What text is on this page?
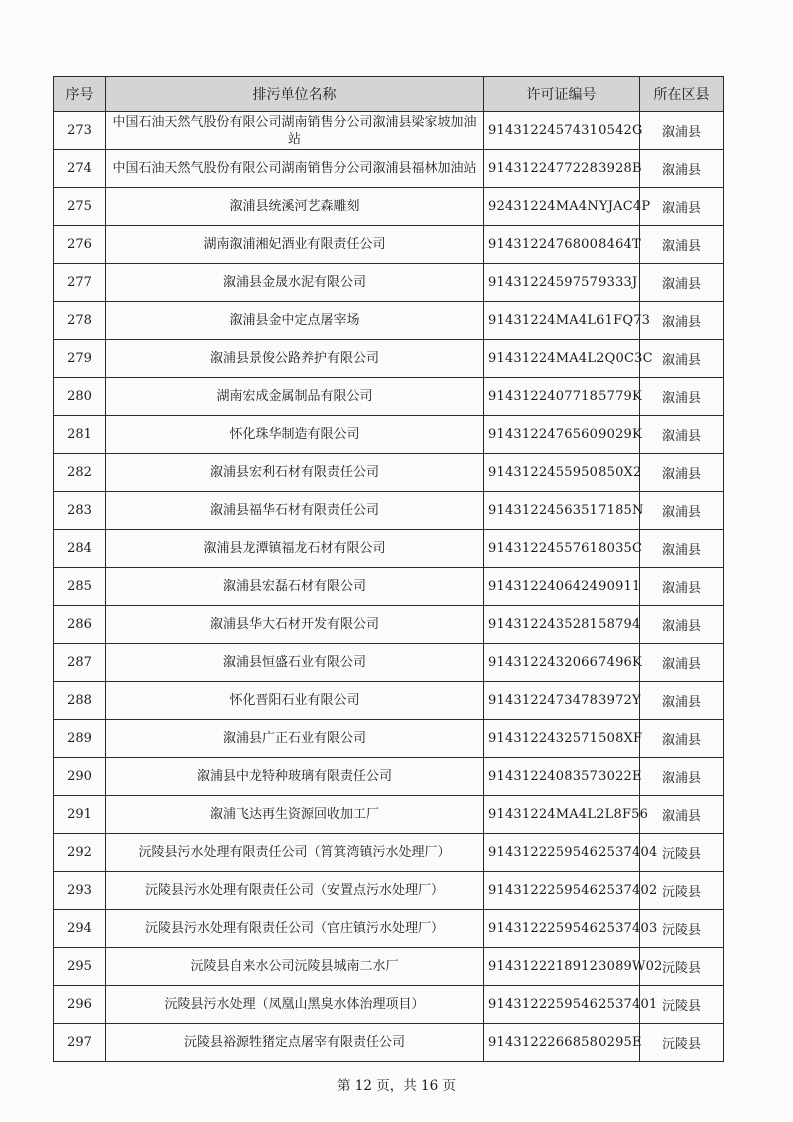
序号	排污单位名称	许可证编号	所在区县
273	中国石油天然气股份有限公司湖南销售分公司溆浦县梁家坡加油站	91431224574310542G	溆浦县
274	中国石油天然气股份有限公司湖南销售分公司溆浦县福林加油站	91431224772283928B	溆浦县
275	溆浦县统溪河艺森雕刻	92431224MA4NYJAC4P	溆浦县
276	湖南溆浦湘妃酒业有限责任公司	91431224768008464T	溆浦县
277	溆浦县金晟水泥有限公司	91431224597579333J	溆浦县
278	溆浦县金中定点屠宰场	91431224MA4L61FQ73	溆浦县
279	溆浦县景俊公路养护有限公司	91431224MA4L2Q0C3C	溆浦县
280	湖南宏成金属制品有限公司	91431224077185779K	溆浦县
281	怀化珠华制造有限公司	91431224765609029K	溆浦县
282	溆浦县宏利石材有限责任公司	9143122455950850X2	溆浦县
283	溆浦县福华石材有限责任公司	91431224563517185N	溆浦县
284	溆浦县龙潭镇福龙石材有限公司	91431224557618035C	溆浦县
285	溆浦县宏磊石材有限公司	914312240642490911	溆浦县
286	溆浦县华大石材开发有限公司	914312243528158794	溆浦县
287	溆浦县恒盛石业有限公司	91431224320667496K	溆浦县
288	怀化晋阳石业有限公司	91431224734783972Y	溆浦县
289	溆浦县广正石业有限公司	9143122432571508XF	溆浦县
290	溆浦县中龙特种玻璃有限责任公司	91431224083573022E	溆浦县
291	溆浦飞达再生资源回收加工厂	91431224MA4L2L8F56	溆浦县
292	沅陵县污水处理有限责任公司（筲箕湾镇污水处理厂）	91431222595462537404	沅陵县
293	沅陵县污水处理有限责任公司（安置点污水处理厂）	91431222595462537402	沅陵县
294	沅陵县污水处理有限责任公司（官庄镇污水处理厂）	91431222595462537403	沅陵县
295	沅陵县自来水公司沅陵县城南二水厂	91431222189123089W02	沅陵县
296	沅陵县污水处理（凤凰山黑臭水体治理项目）	91431222595462537401	沅陵县
297	沅陵县裕源牲猪定点屠宰有限责任公司	91431222668580295E	沅陵县
第 12 页，共 16 页
